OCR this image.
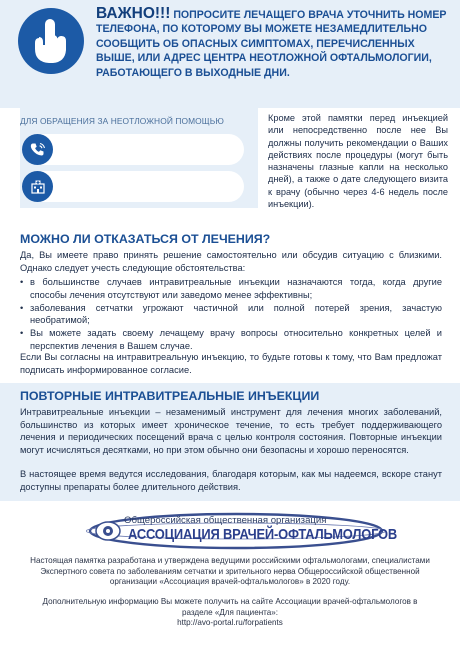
ВАЖНО!!! ПОПРОСИТЕ ЛЕЧАЩЕГО ВРАЧА УТОЧНИТЬ НОМЕР ТЕЛЕФОНА, ПО КОТОРОМУ ВЫ МОЖЕТЕ НЕЗАМЕДЛИТЕЛЬНО СООБЩИТЬ ОБ ОПАСНЫХ СИМПТОМАХ, ПЕРЕЧИСЛЕННЫХ ВЫШЕ, ИЛИ АДРЕС ЦЕНТРА НЕОТЛОЖНОЙ ОФТАЛЬМОЛОГИИ, РАБОТАЮЩЕГО В ВЫХОДНЫЕ ДНИ.
ДЛЯ ОБРАЩЕНИЯ ЗА НЕОТЛОЖНОЙ ПОМОЩЬЮ	Кроме этой памятки перед инъекцией или непосредственно после нее Вы должны получить рекомендации о Ваших действиях после процедуры (могут быть назначены глазные капли на несколько дней), а также о дате следующего визита к врачу (обычно через 4-6 недель после инъекции).
МОЖНО ЛИ ОТКАЗАТЬСЯ ОТ ЛЕЧЕНИЯ?
Да, Вы имеете право принять решение самостоятельно или обсудив ситуацию с близкими. Однако следует учесть следующие обстоятельства:
• в большинстве случаев интравитреальные инъекции назначаются тогда, когда другие способы лечения отсутствуют или заведомо менее эффективны;
• заболевания сетчатки угрожают частичной или полной потерей зрения, зачастую необратимой;
• Вы можете задать своему лечащему врачу вопросы относительно конкретных целей и перспектив лечения в Вашем случае.
Если Вы согласны на интравитреальную инъекцию, то будьте готовы к тому, что Вам предложат подписать информированное согласие.
ПОВТОРНЫЕ ИНТРАВИТРЕАЛЬНЫЕ ИНЪЕКЦИИ
Интравитреальные инъекции – незаменимый инструмент для лечения многих заболеваний, большинство из которых имеет хроническое течение, то есть требует поддерживающего лечения и периодических посещений врача с целью контроля состояния. Повторные инъекции могут исчисляться десятками, но при этом обычно они безопасны и хорошо переносятся.
В настоящее время ведутся исследования, благодаря которым, как мы надеемся, вскоре станут доступны препараты более длительного действия.
Общероссийская общественная организация
АССОЦИАЦИЯ ВРАЧЕЙ-ОФТАЛЬМОЛОГОВ
Настоящая памятка разработана и утверждена ведущими российскими офтальмологами, специалистами Экспертного совета по заболеваниям сетчатки и зрительного нерва Общероссийской общественной организации «Ассоциация врачей-офтальмологов» в 2020 году.
Дополнительную информацию Вы можете получить на сайте Ассоциации врачей-офтальмологов в разделе «Для пациента»:
http://avo-portal.ru/forpatients
